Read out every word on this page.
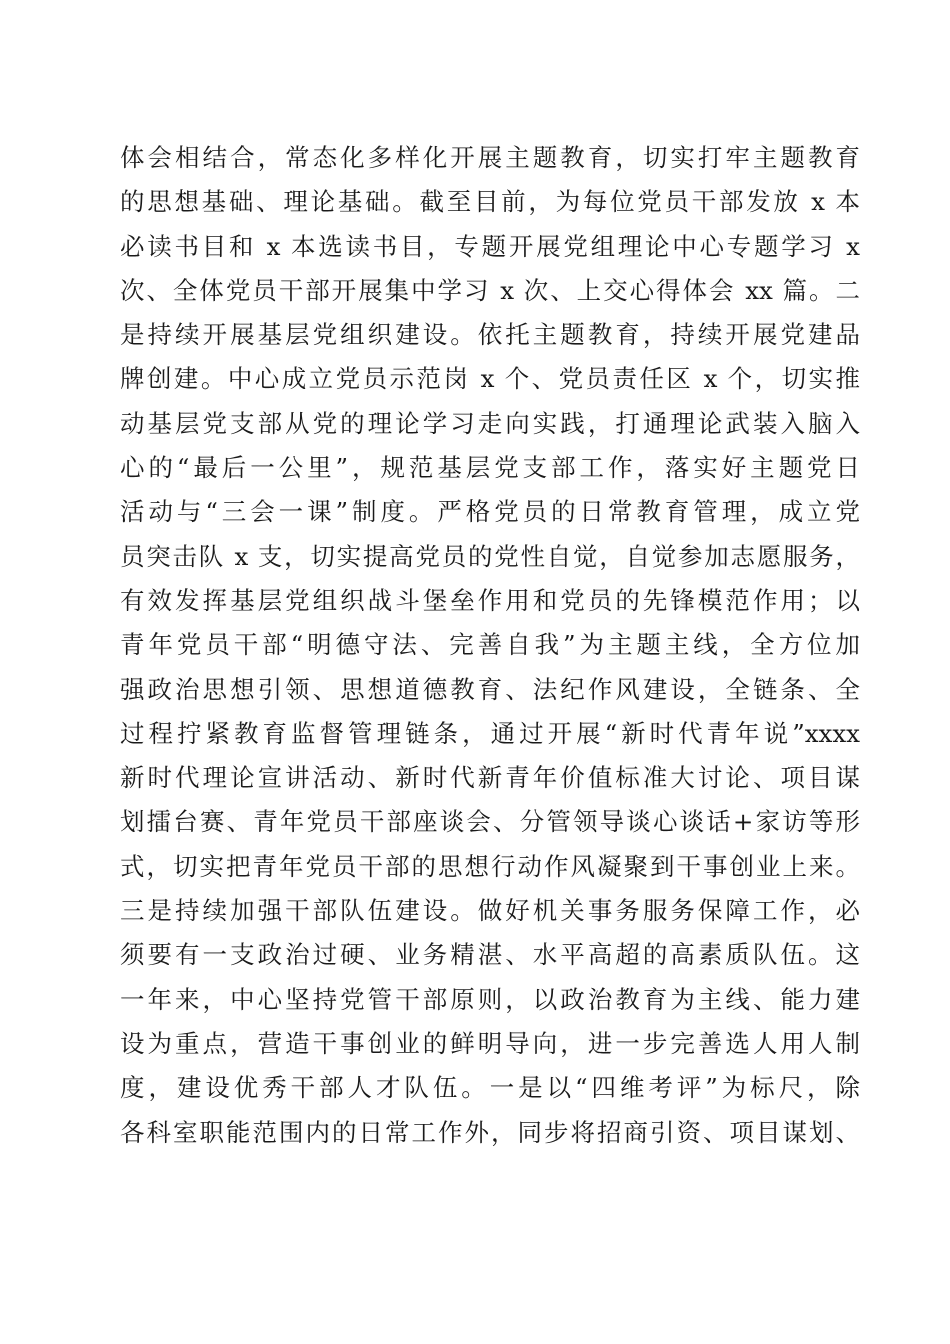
体会相结合，常态化多样化开展主题教育，切实打牢主题教育
的思想基础、理论基础。截至目前，为每位党员干部发放 x 本
必读书目和 x 本选读书目，专题开展党组理论中心专题学习 x
次、全体党员干部开展集中学习 x 次、上交心得体会 xx 篇。二
是持续开展基层党组织建设。依托主题教育，持续开展党建品
牌创建。中心成立党员示范岗 x 个、党员责任区 x 个，切实推
动基层党支部从党的理论学习走向实践，打通理论武装入脑入
心的“最后一公里”，规范基层党支部工作，落实好主题党日
活动与“三会一课”制度。严格党员的日常教育管理，成立党
员突击队 x 支，切实提高党员的党性自觉，自觉参加志愿服务，
有效发挥基层党组织战斗堡垒作用和党员的先锋模范作用；以
青年党员干部“明德守法、完善自我”为主题主线，全方位加
强政治思想引领、思想道德教育、法纪作风建设，全链条、全
过程拧紧教育监督管理链条，通过开展“新时代青年说”xxxx
新时代理论宣讲活动、新时代新青年价值标准大讨论、项目谋
划擂台赛、青年党员干部座谈会、分管领导谈心谈话+家访等形
式，切实把青年党员干部的思想行动作风凝聚到干事创业上来。
三是持续加强干部队伍建设。做好机关事务服务保障工作，必
须要有一支政治过硬、业务精湛、水平高超的高素质队伍。这
一年来，中心坚持党管干部原则，以政治教育为主线、能力建
设为重点，营造干事创业的鲜明导向，进一步完善选人用人制
度，建设优秀干部人才队伍。一是以“四维考评”为标尺，除
各科室职能范围内的日常工作外，同步将招商引资、项目谋划、
